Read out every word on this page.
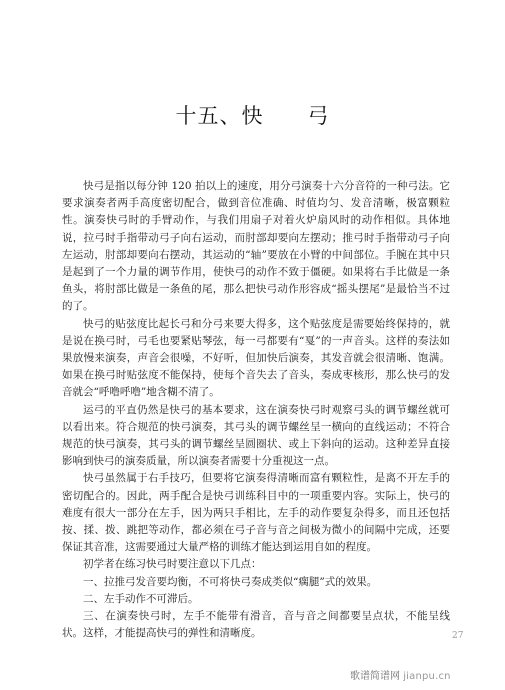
十五、快 弓

快弓是指以每分钟 120 拍以上的速度，用分弓演奏十六分音符的一种弓法。它要求演奏者两手高度密切配合，做到音位准确、时值均匀、发音清晰，极富颗粒性。演奏快弓时的手臂动作，与我们用扇子对着火炉扇风时的动作相似。具体地说，拉弓时手指带动弓子向右运动，而肘部却要向左摆动；推弓时手指带动弓子向左运动，肘部却要向右摆动，其运动的“轴”要放在小臂的中间部位。手腕在其中只是起到了一个力量的调节作用，使快弓的动作不致于僵硬。如果将右手比做是一条鱼头，将肘部比做是一条鱼的尾，那么把快弓动作形容成“摇头摆尾”是最恰当不过的了。

快弓的贴弦度比起长弓和分弓来要大得多，这个贴弦度是需要始终保持的，就是说在换弓时，弓毛也要紧贴琴弦，每一弓都要有“戛”的一声音头。这样的奏法如果放慢来演奏，声音会很噪，不好听，但加快后演奏，其发音就会很清晰、饱满。如果在换弓时贴弦度不能保持，使每个音失去了音头，奏成枣核形，那么快弓的发音就会“呼噜呼噜”地含糊不清了。

运弓的平直仍然是快弓的基本要求，这在演奏快弓时观察弓头的调节螺丝就可以看出来。符合规范的快弓演奏，其弓头的调节螺丝呈一横向的直线运动；不符合规范的快弓演奏，其弓头的调节螺丝呈圆圈状、或上下斜向的运动。这种差异直接影响到快弓的演奏质量，所以演奏者需要十分重视这一点。

快弓虽然属于右手技巧，但要将它演奏得清晰而富有颗粒性，是离不开左手的密切配合的。因此，两手配合是快弓训练科目中的一项重要内容。实际上，快弓的难度有很大一部分在左手，因为两只手相比，左手的动作要复杂得多，而且还包括按、揉、拨、跳把等动作，都必须在弓子音与音之间极为微小的间隔中完成，还要保证其音准，这需要通过大量严格的训练才能达到运用自如的程度。

初学者在练习快弓时要注意以下几点：

一、拉推弓发音要均衡，不可将快弓奏成类似“瘸腿”式的效果。

二、左手动作不可滞后。

三、在演奏快弓时，左手不能带有滑音，音与音之间都要呈点状，不能呈线状。这样，才能提高快弓的弹性和清晰度。	27
歌谱简谱网 jianpu.cn
